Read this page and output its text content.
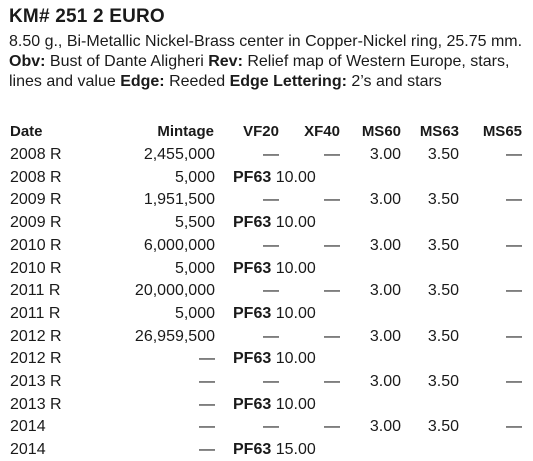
KM# 251 2 EURO
8.50 g., Bi-Metallic Nickel-Brass center in Copper-Nickel ring, 25.75 mm. Obv: Bust of Dante Aligheri Rev: Relief map of Western Europe, stars, lines and value Edge: Reeded Edge Lettering: 2’s and stars
Date	Mintage VF20 XF40 MS60 MS63 MS65
2008 R	2,455,000	—	— 3.00 3.50	—
2008 R	5,000 PF63 10.00
2009 R	1,951,500	—	— 3.00 3.50	—
2009 R	5,500 PF63 10.00
2010 R	6,000,000	—	— 3.00 3.50	—
2010 R	5,000 PF63 10.00
2011 R	20,000,000	—	— 3.00 3.50	—
2011 R	5,000 PF63 10.00
2012 R	26,959,500	—	— 3.00 3.50	—
2012 R	— PF63 10.00
2013 R	—	—	— 3.00 3.50	—
2013 R	— PF63 10.00
2014	—	—	— 3.00 3.50	—
2014	— PF63 15.00
